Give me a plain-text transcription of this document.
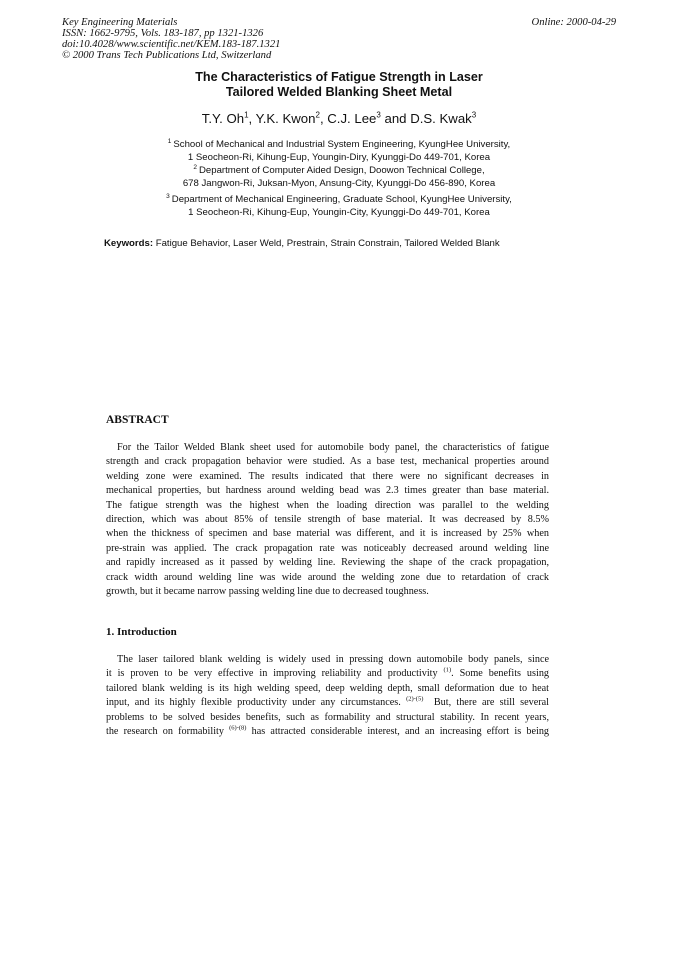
Key Engineering Materials
ISSN: 1662-9795, Vols. 183-187, pp 1321-1326
doi:10.4028/www.scientific.net/KEM.183-187.1321
© 2000 Trans Tech Publications Ltd, Switzerland
Online: 2000-04-29
The Characteristics of Fatigue Strength in Laser
Tailored Welded Blanking Sheet Metal
T.Y. Oh$^1$, Y.K. Kwon$^2$, C.J. Lee$^3$ and D.S. Kwak$^3$
$^1$ School of Mechanical and Industrial System Engineering, KyungHee University,
1 Seocheon-Ri, Kihung-Eup, Youngin-Diry, Kyunggi-Do 449-701, Korea
$^2$ Department of Computer Aided Design, Doowon Technical College,
678 Jangwon-Ri, Juksan-Myon, Ansung-City, Kyunggi-Do 456-890, Korea
$^3$ Department of Mechanical Engineering, Graduate School, KyungHee University,
1 Seocheon-Ri, Kihung-Eup, Youngin-City, Kyunggi-Do 449-701, Korea
Keywords: Fatigue Behavior, Laser Weld, Prestrain, Strain Constrain, Tailored Welded Blank
ABSTRACT
For the Tailor Welded Blank sheet used for automobile body panel, the characteristics of fatigue
strength and crack propagation behavior were studied. As a base test, mechanical properties around
welding zone were examined. The results indicated that there were no significant decreases in
mechanical properties, but hardness around welding bead was 2.3 times greater than base material.
The fatigue strength was the highest when the loading direction was parallel to the welding
direction, which was about 85% of tensile strength of base material. It was decreased by 8.5%
when the thickness of specimen and base material was different, and it is increased by 25% when
pre-strain was applied. The crack propagation rate was noticeably decreased around welding line
and rapidly increased as it passed by welding line. Reviewing the shape of the crack propagation,
crack width around welding line was wide around the welding zone due to retardation of crack
growth, but it became narrow passing welding line due to decreased toughness.
1. Introduction
The laser tailored blank welding is widely used in pressing down automobile body panels, since
it is proven to be very effective in improving reliability and productivity $^{(1)}$. Some benefits using
tailored blank welding is its high welding speed, deep welding depth, small deformation due to heat
input, and its highly flexible productivity under any circumstances. $^{(2)-(5)}$ But, there are still several
problems to be solved besides benefits, such as formability and structural stability. In recent years,
the research on formability $^{(6)-(8)}$ has attracted considerable interest, and an increasing effort is being
